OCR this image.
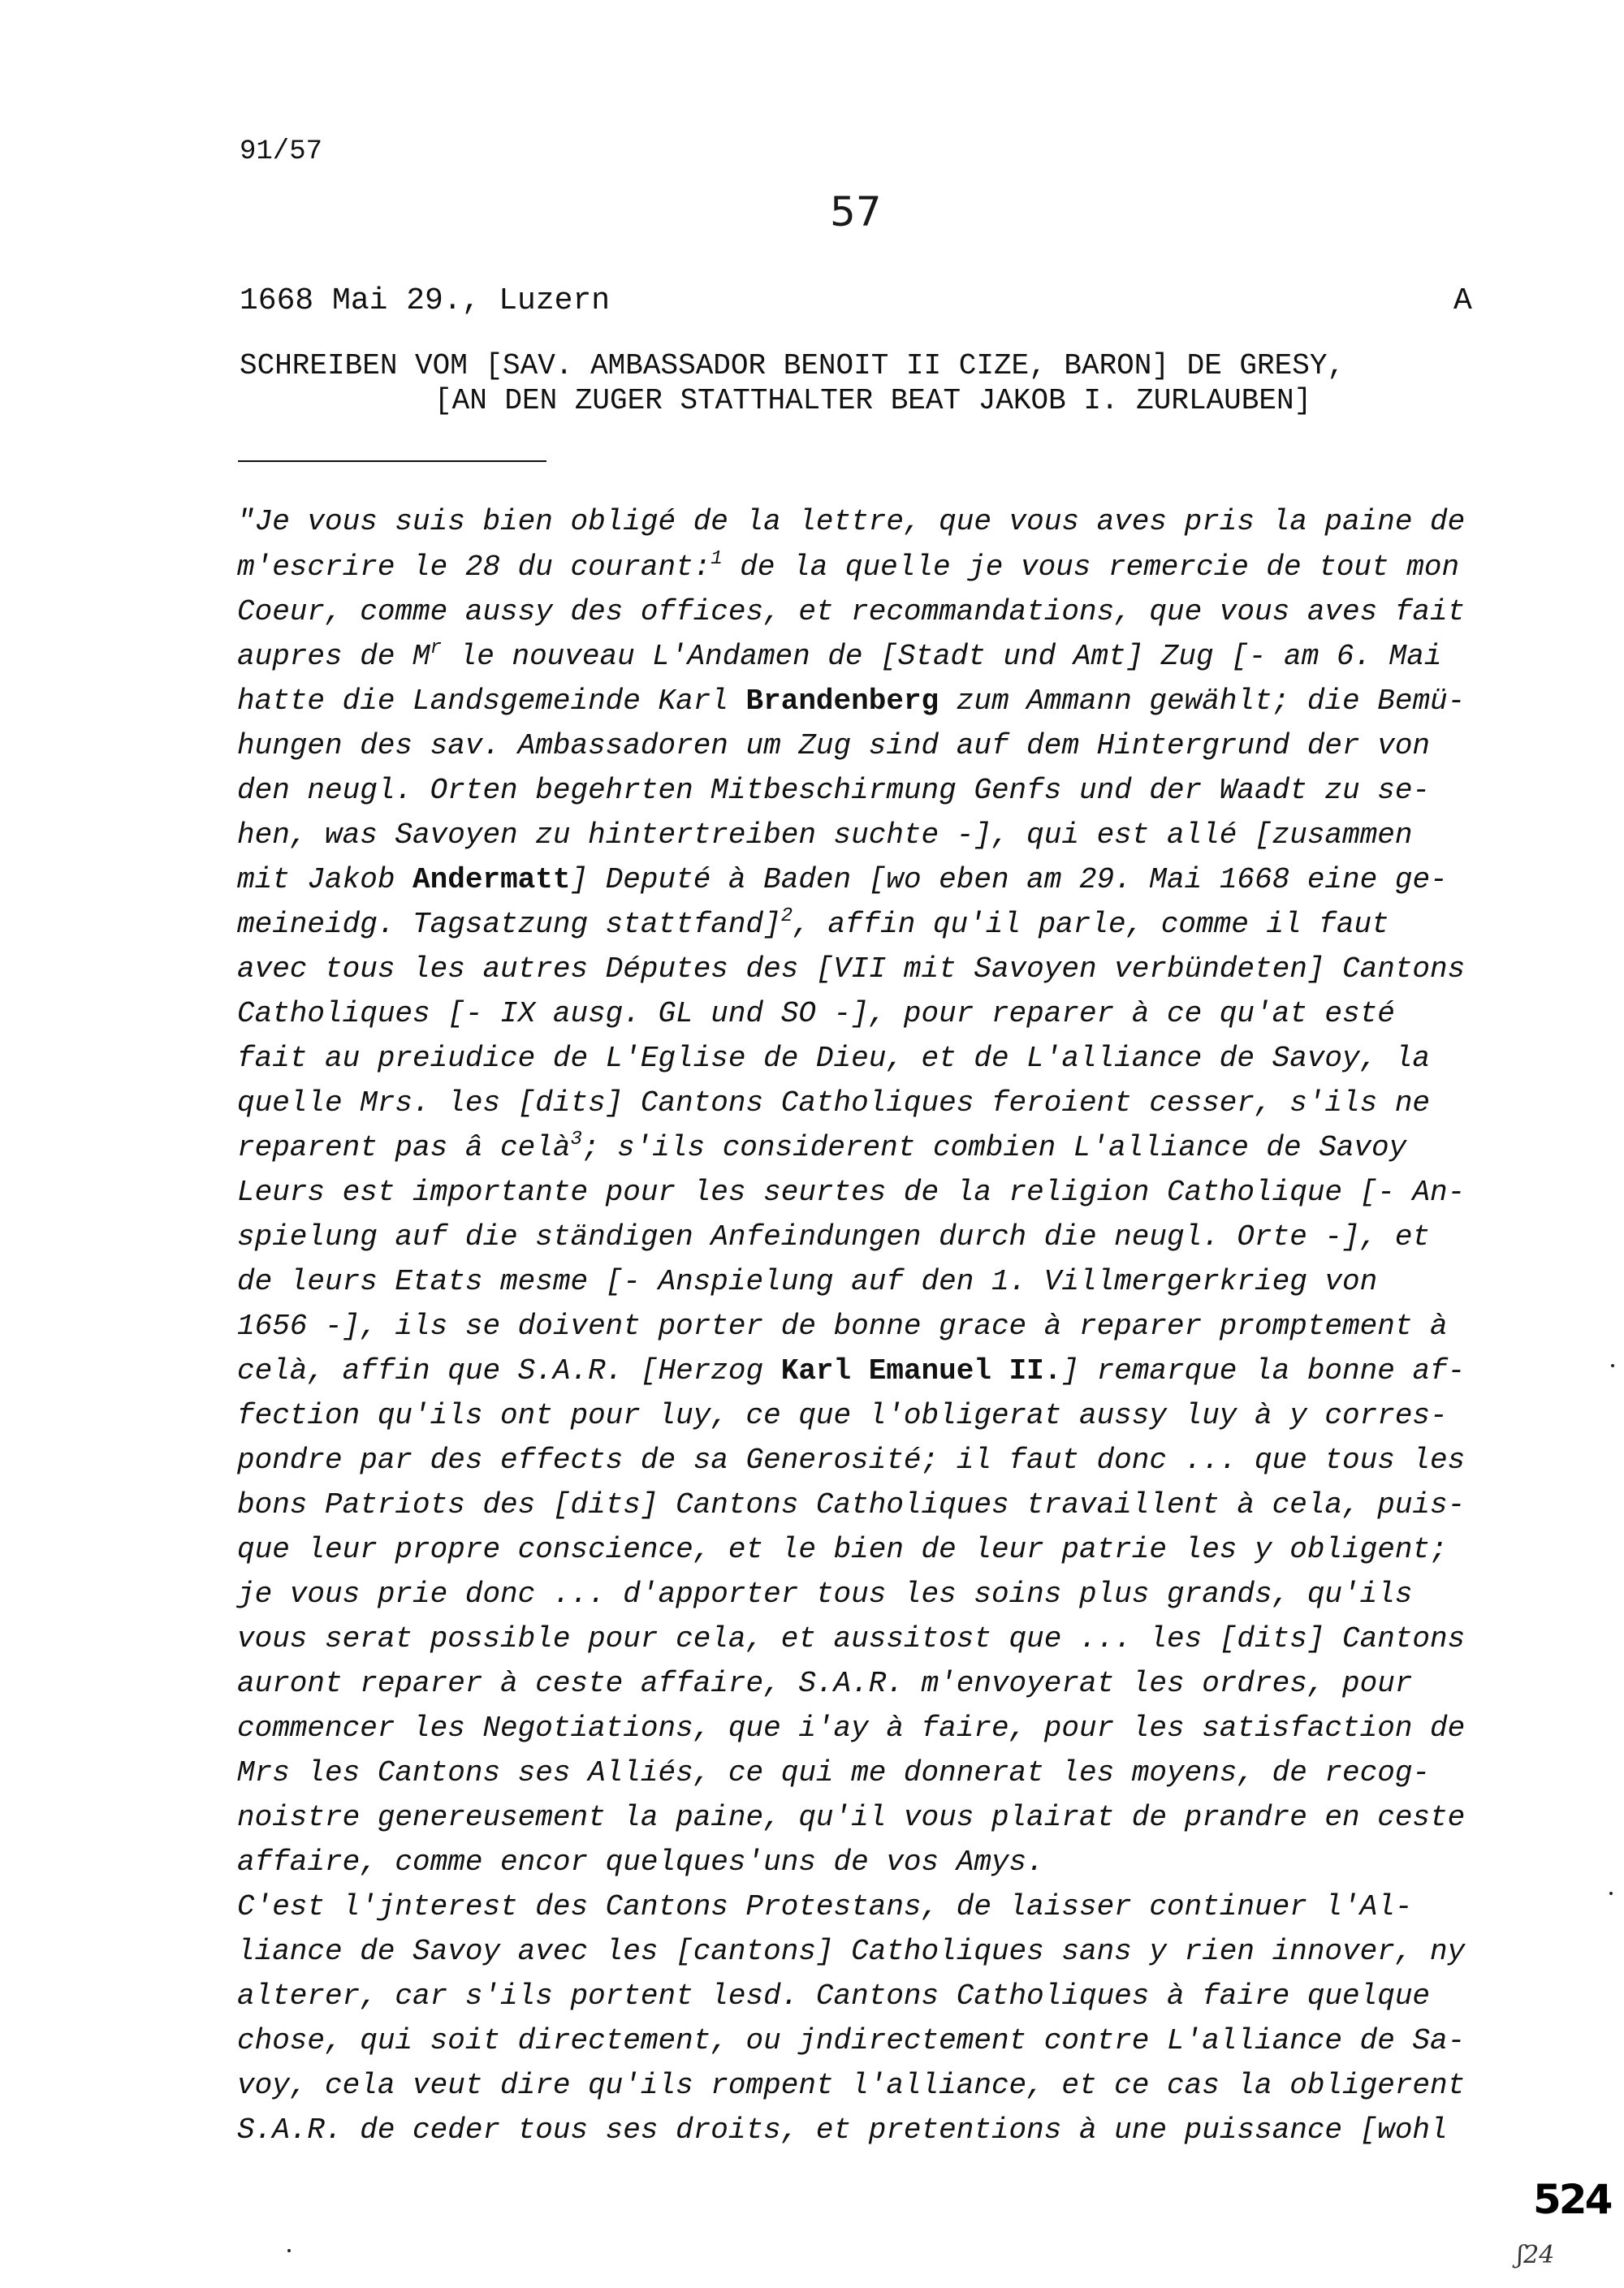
91/57
57
1668 Mai 29., Luzern	A
SCHREIBEN VOM [SAV. AMBASSADOR BENOIT II CIZE, BARON] DE GRESY,
[AN DEN ZUGER STATTHALTER BEAT JAKOB I. ZURLAUBEN]
"Je vous suis bien obligé de la lettre, que vous aves pris la paine de
m'escrire le 28 du courant:$^1$ de la quelle je vous remercie de tout mon
Coeur, comme aussy des offices, et recommandations, que vous aves fait
aupres de $M^r$ le nouveau L'Andamen de [Stadt und Amt] Zug [- am 6. Mai
hatte die Landsgemeinde Karl Brandenberg zum Ammann gewählt; die Bemü-
hungen des sav. Ambassadoren um Zug sind auf dem Hintergrund der von
den neugl. Orten begehrten Mitbeschirmung Genfs und der Waadt zu se-
hen, was Savoyen zu hintertreiben suchte -], qui est allé [zusammen
mit Jakob Andermatt] Deputé à Baden [wo eben am 29. Mai 1668 eine ge-
meineidg. Tagsatzung stattfand]$^2$, affin qu'il parle, comme il faut
avec tous les autres Députes des [VII mit Savoyen verbündeten] Cantons
Catholiques [- IX ausg. GL und SO -], pour reparer à ce qu'at esté
fait au preiudice de L'Eglise de Dieu, et de L'alliance de Savoy, la
quelle Mrs. les [dits] Cantons Catholiques feroient cesser, s'ils ne
reparent pas â celà$^3$; s'ils considerent combien L'alliance de Savoy
Leurs est importante pour les seurtes de la religion Catholique [- An-
spielung auf die ständigen Anfeindungen durch die neugl. Orte -], et
de leurs Etats mesme [- Anspielung auf den 1. Villmergerkrieg von
1656 -], ils se doivent porter de bonne grace à reparer promptement à
celà, affin que S.A.R. [Herzog Karl Emanuel II.] remarque la bonne af-
fection qu'ils ont pour luy, ce que l'obligerat aussy luy à y corres-
pondre par des effects de sa Generosité; il faut donc ... que tous les
bons Patriots des [dits] Cantons Catholiques travaillent à cela, puis-
que leur propre conscience, et le bien de leur patrie les y obligent;
je vous prie donc ... d'apporter tous les soins plus grands, qu'ils
vous serat possible pour cela, et aussitost que ... les [dits] Cantons
auront reparer à ceste affaire, S.A.R. m'envoyerat les ordres, pour
commencer les Negotiations, que i'ay à faire, pour les satisfaction de
Mrs les Cantons ses Alliés, ce qui me donnerat les moyens, de recog-
noistre genereusement la paine, qu'il vous plairat de prandre en ceste
affaire, comme encor quelques'uns de vos Amys.
C'est l'jnterest des Cantons Protestans, de laisser continuer l'Al-
liance de Savoy avec les [cantons] Catholiques sans y rien innover, ny
alterer, car s'ils portent lesd. Cantons Catholiques à faire quelque
chose, qui soit directement, ou jndirectement contre L'alliance de Sa-
voy, cela veut dire qu'ils rompent l'alliance, et ce cas la obligerent
S.A.R. de ceder tous ses droits, et pretentions à une puissance [wohl
524
ʃ24
